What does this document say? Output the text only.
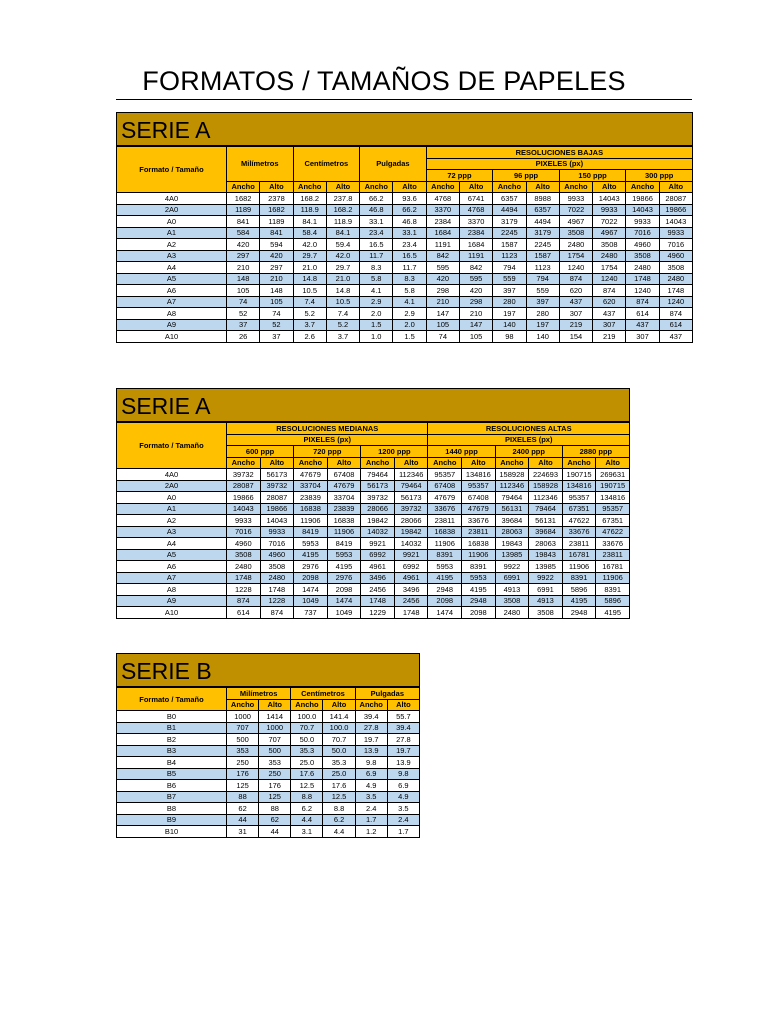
FORMATOS / TAMAÑOS DE PAPELES
SERIE A
Formato / Tamaño	Milímetros		Centímetros		Pulgadas		RESOLUCIONES BAJAS							
							PIXELES (px)							
							72 ppp		96 ppp		150 ppp		300 ppp	
	Ancho	Alto	Ancho	Alto	Ancho	Alto	Ancho	Alto	Ancho	Alto	Ancho	Alto	Ancho	Alto
4A0	1682	2378	168.2	237.8	66.2	93.6	4768	6741	6357	8988	9933	14043	19866	28087
2A0	1189	1682	118.9	168.2	46.8	66.2	3370	4768	4494	6357	7022	9933	14043	19866
A0	841	1189	84.1	118.9	33.1	46.8	2384	3370	3179	4494	4967	7022	9933	14043
A1	584	841	58.4	84.1	23.4	33.1	1684	2384	2245	3179	3508	4967	7016	9933
A2	420	594	42.0	59.4	16.5	23.4	1191	1684	1587	2245	2480	3508	4960	7016
A3	297	420	29.7	42.0	11.7	16.5	842	1191	1123	1587	1754	2480	3508	4960
A4	210	297	21.0	29.7	8.3	11.7	595	842	794	1123	1240	1754	2480	3508
A5	148	210	14.8	21.0	5.8	8.3	420	595	559	794	874	1240	1748	2480
A6	105	148	10.5	14.8	4.1	5.8	298	420	397	559	620	874	1240	1748
A7	74	105	7.4	10.5	2.9	4.1	210	298	280	397	437	620	874	1240
A8	52	74	5.2	7.4	2.0	2.9	147	210	197	280	307	437	614	874
A9	37	52	3.7	5.2	1.5	2.0	105	147	140	197	219	307	437	614
A10	26	37	2.6	3.7	1.0	1.5	74	105	98	140	154	219	307	437
SERIE A
Formato / Tamaño	RESOLUCIONES MEDIANAS						RESOLUCIONES ALTAS					
	PIXELES (px)						PIXELES (px)					
	600 ppp		720 ppp		1200 ppp		1440 ppp		2400 ppp		2880 ppp	
	Ancho	Alto	Ancho	Alto	Ancho	Alto	Ancho	Alto	Ancho	Alto	Ancho	Alto
4A0	39732	56173	47679	67408	79464	112346	95357	134816	158928	224693	190715	269631
2A0	28087	39732	33704	47679	56173	79464	67408	95357	112346	158928	134816	190715
A0	19866	28087	23839	33704	39732	56173	47679	67408	79464	112346	95357	134816
A1	14043	19866	16838	23839	28066	39732	33676	47679	56131	79464	67351	95357
A2	9933	14043	11906	16838	19842	28066	23811	33676	39684	56131	47622	67351
A3	7016	9933	8419	11906	14032	19842	16838	23811	28063	39684	33676	47622
A4	4960	7016	5953	8419	9921	14032	11906	16838	19843	28063	23811	33676
A5	3508	4960	4195	5953	6992	9921	8391	11906	13985	19843	16781	23811
A6	2480	3508	2976	4195	4961	6992	5953	8391	9922	13985	11906	16781
A7	1748	2480	2098	2976	3496	4961	4195	5953	6991	9922	8391	11906
A8	1228	1748	1474	2098	2456	3496	2948	4195	4913	6991	5896	8391
A9	874	1228	1049	1474	1748	2456	2098	2948	3508	4913	4195	5896
A10	614	874	737	1049	1229	1748	1474	2098	2480	3508	2948	4195
SERIE B
Formato / Tamaño	Milímetros		Centímetros		Pulgadas	
	Ancho	Alto	Ancho	Alto	Ancho	Alto
B0	1000	1414	100.0	141.4	39.4	55.7
B1	707	1000	70.7	100.0	27.8	39.4
B2	500	707	50.0	70.7	19.7	27.8
B3	353	500	35.3	50.0	13.9	19.7
B4	250	353	25.0	35.3	9.8	13.9
B5	176	250	17.6	25.0	6.9	9.8
B6	125	176	12.5	17.6	4.9	6.9
B7	88	125	8.8	12.5	3.5	4.9
B8	62	88	6.2	8.8	2.4	3.5
B9	44	62	4.4	6.2	1.7	2.4
B10	31	44	3.1	4.4	1.2	1.7
